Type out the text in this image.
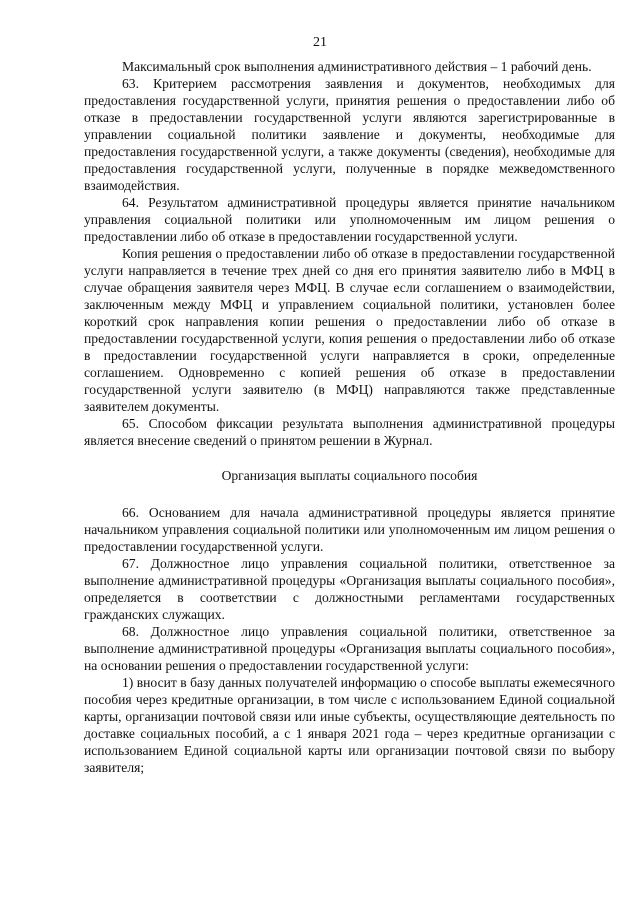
21

Максимальный срок выполнения административного действия – 1 рабочий день.

63. Критерием рассмотрения заявления и документов, необходимых для предоставления государственной услуги, принятия решения о предоставлении либо об отказе в предоставлении государственной услуги являются зарегистрированные в управлении социальной политики заявление и документы, необходимые для предоставления государственной услуги, а также документы (сведения), необходимые для предоставления государственной услуги, полученные в порядке межведомственного взаимодействия.

64. Результатом административной процедуры является принятие начальником управления социальной политики или уполномоченным им лицом решения о предоставлении либо об отказе в предоставлении государственной услуги.

Копия решения о предоставлении либо об отказе в предоставлении государственной услуги направляется в течение трех дней со дня его принятия заявителю либо в МФЦ в случае обращения заявителя через МФЦ. В случае если соглашением о взаимодействии, заключенным между МФЦ и управлением социальной политики, установлен более короткий срок направления копии решения о предоставлении либо об отказе в предоставлении государственной услуги, копия решения о предоставлении либо об отказе в предоставлении государственной услуги направляется в сроки, определенные соглашением. Одновременно с копией решения об отказе в предоставлении государственной услуги заявителю (в МФЦ) направляются также представленные заявителем документы.

65. Способом фиксации результата выполнения административной процедуры является внесение сведений о принятом решении в Журнал.

Организация выплаты социального пособия

66. Основанием для начала административной процедуры является принятие начальником управления социальной политики или уполномоченным им лицом решения о предоставлении государственной услуги.

67. Должностное лицо управления социальной политики, ответственное за выполнение административной процедуры «Организация выплаты социального пособия», определяется в соответствии с должностными регламентами государственных гражданских служащих.

68. Должностное лицо управления социальной политики, ответственное за выполнение административной процедуры «Организация выплаты социального пособия», на основании решения о предоставлении государственной услуги:

1) вносит в базу данных получателей информацию о способе выплаты ежемесячного пособия через кредитные организации, в том числе с использованием Единой социальной карты, организации почтовой связи или иные субъекты, осуществляющие деятельность по доставке социальных пособий, а с 1 января 2021 года – через кредитные организации с использованием Единой социальной карты или организации почтовой связи по выбору заявителя;
